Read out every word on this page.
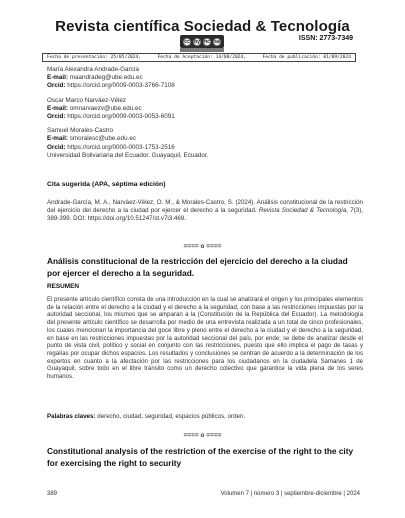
Revista científica Sociedad & Tecnología
cc by nc sa	ISSN: 2773-7349
Fecha de presentación: 25/05/2024,	Fecha de Aceptación: 14/08/2024,	Fecha de publicación: 01/09/2024
María Alexandra Andrade-García
E-mail: maandradeg@ube.edu.ec
Orcid: https://orcid.org/0009-0003-3766-7108
Oscar Marco Narváez-Vélez
E-mail: omnarvaezv@ube.edu.ec
Orcid: https://orcid.org/0009-0003-0053-6091
Samuel Morales-Castro
E-mail: smoralesc@ube.edu.ec
Orcid: https://orcid.org/0000-0003-1753-2516
Universidad Bolivariana del Ecuador. Guayaquil, Ecuador.
Cita sugerida (APA, séptima edición)
Andrade-García, M. A., Narváez-Vélez, O. M., & Morales-Castro, S. (2024). Análisis constitucional de la restricción del ejercicio del derecho a la ciudad por ejercer el derecho a la seguridad. Revista Sociedad & Tecnología, 7(3), 389-399. DOI: https://doi.org/10.51247/st.v7i3.469.
==== o ====
Análisis constitucional de la restricción del ejercicio del derecho a la ciudad por ejercer el derecho a la seguridad.
RESUMEN
El presente artículo científico consta de una introducción en la cual se analizará el origen y los principales elementos de la relación entre el derecho a la ciudad y el derecho a la seguridad, con base a las restricciones impuestas por la autoridad seccional, los mismos que se amparan a la (Constitución de la República del Ecuador). La metodología del presente artículo científico se desarrolla por medio de una entrevista realizada a un total de cinco profesionales, los cuales mencionan la importancia del goce libre y pleno entre el derecho a la ciudad y el derecho a la seguridad, en base en las restricciones impuestas por la autoridad seccional del país, por ende; se debe de analizar desde el punto de vista civil, político y social en conjunto con las restricciones, puesto que ello implica el pago de tasas y regalías por ocupar dichos espacios. Los resultados y conclusiones se centran de acuerdo a la determinación de los expertos en cuanto a la afectación por las restricciones para los ciudadanos en la ciudadela Samanes 1 de Guayaquil, sobre todo en el libre tránsito como un derecho colectivo que garantice la vida plena de los seres humanos.
Palabras claves: derecho, ciudad, seguridad, espacios públicos, orden.
==== o ====
Constitutional analysis of the restriction of the exercise of the right to the city for exercising the right to security
389	Volumen 7 | número 3 | septiembre-diciembre | 2024
